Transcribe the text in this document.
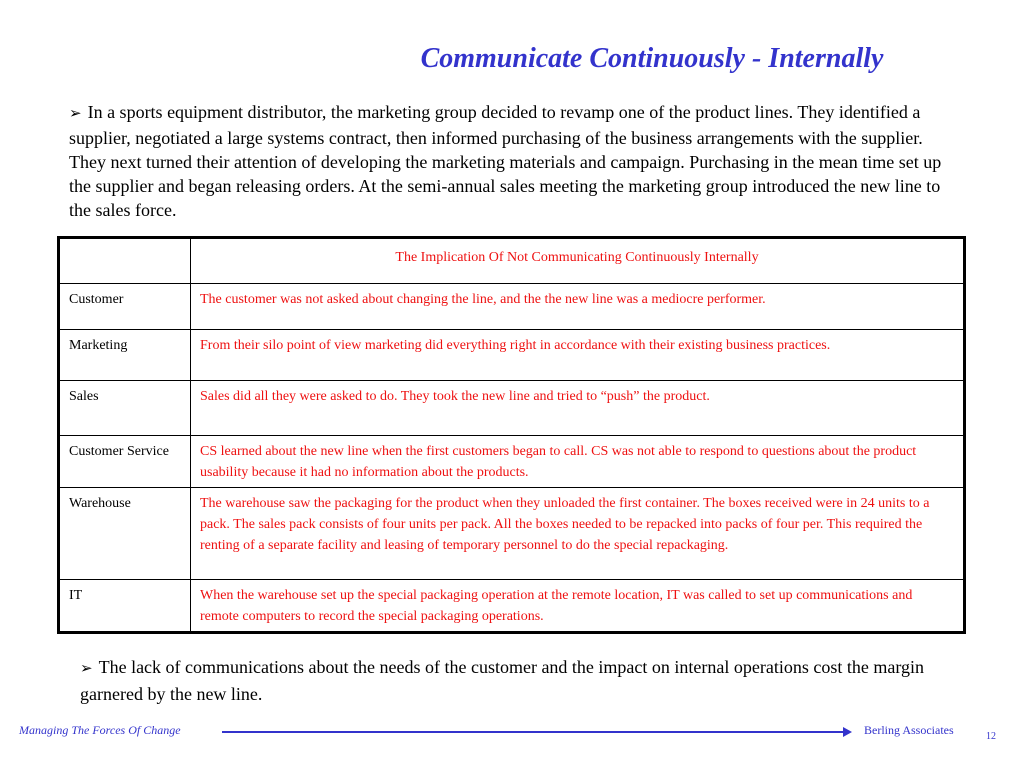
Communicate Continuously - Internally

➢ In a sports equipment distributor, the marketing group decided to revamp one of the product lines. They identified a supplier, negotiated a large systems contract, then informed purchasing of the business arrangements with the supplier. They next turned their attention of developing the marketing materials and campaign. Purchasing in the mean time set up the supplier and began releasing orders. At the semi-annual sales meeting the marketing group introduced the new line to the sales force.

	The Implication Of Not Communicating Continuously Internally
Customer	The customer was not asked about changing the line, and the the new line was a mediocre performer.
Marketing	From their silo point of view marketing did everything right in accordance with their existing business practices.
Sales	Sales did all they were asked to do. They took the new line and tried to “push” the product.
Customer Service	CS learned about the new line when the first customers began to call. CS was not able to respond to questions about the product usability because it had no information about the products.
Warehouse	The warehouse saw the packaging for the product when they unloaded the first container. The boxes received were in 24 units to a pack. The sales pack consists of four units per pack. All the boxes needed to be repacked into packs of four per. This required the renting of a separate facility and leasing of temporary personnel to do the special repackaging.
IT	When the warehouse set up the special packaging operation at the remote location, IT was called to set up communications and remote computers to record the special packaging operations.

➢ The lack of communications about the needs of the customer and the impact on internal operations cost the margin garnered by the new line.

Managing The Forces Of Change	Berling Associates	12
